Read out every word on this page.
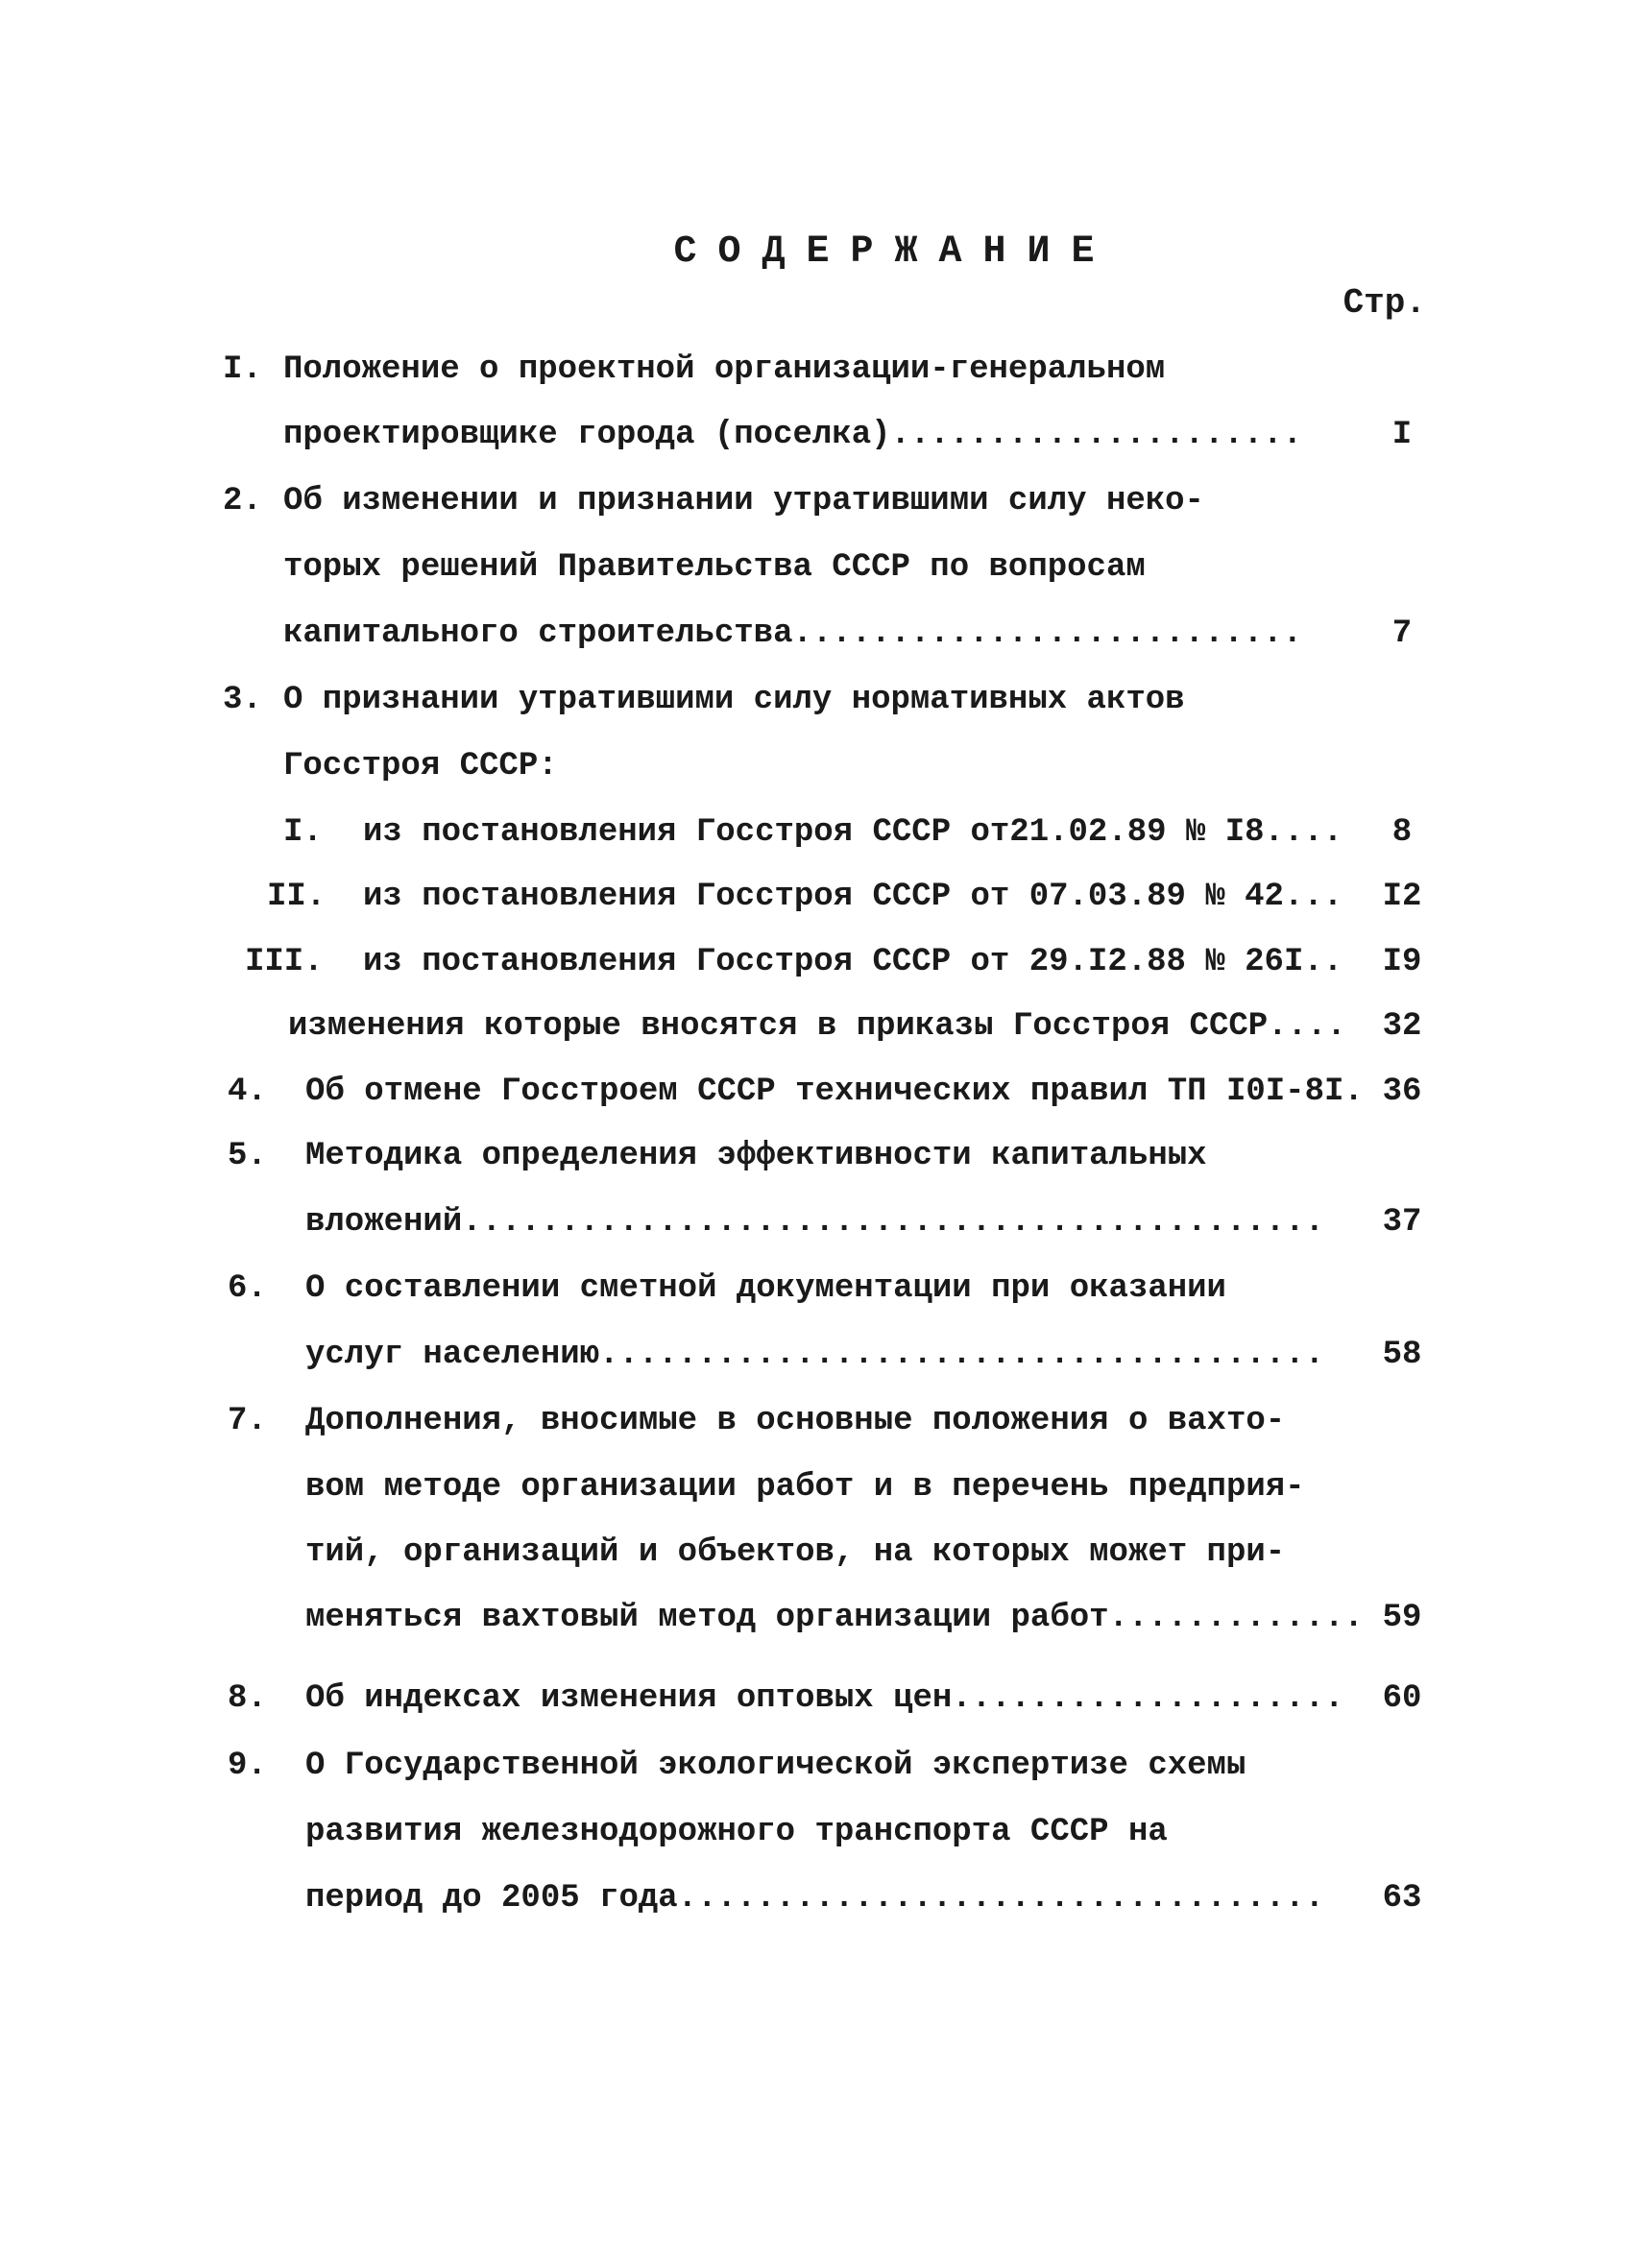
СОДЕРЖАНИЕ
Стр.
I. Положение о проектной организации-генеральном
проектировщике города (поселка).....................	I
2. Об изменении и признании утратившими силу неко-
торых решений Правительства СССР по вопросам
капитального строительства..........................	7
3. О признании утратившими силу нормативных актов
Госстроя СССР:
I. из постановления Госстроя СССР от21.02.89 № I8....	8
II. из постановления Госстроя СССР от 07.03.89 № 42...	I2
III. из постановления Госстроя СССР от 29.I2.88 № 26I..	I9
изменения которые вносятся в приказы Госстроя СССР....	32
4. Об отмене Госстроем СССР технических правил ТП I0I-8I. 36
5. Методика определения эффективности капитальных
вложений............................................	37
6. О составлении сметной документации при оказании
услуг населению.....................................	58
7. Дополнения, вносимые в основные положения о вахто-
вом методе организации работ и в перечень предприя-
тий, организаций и объектов, на которых может при-
меняться вахтовый метод организации работ............. 59
8. Об индексах изменения оптовых цен....................	60
9. О Государственной экологической экспертизе схемы
развития железнодорожного транспорта СССР на
период до 2005 года.................................	63
